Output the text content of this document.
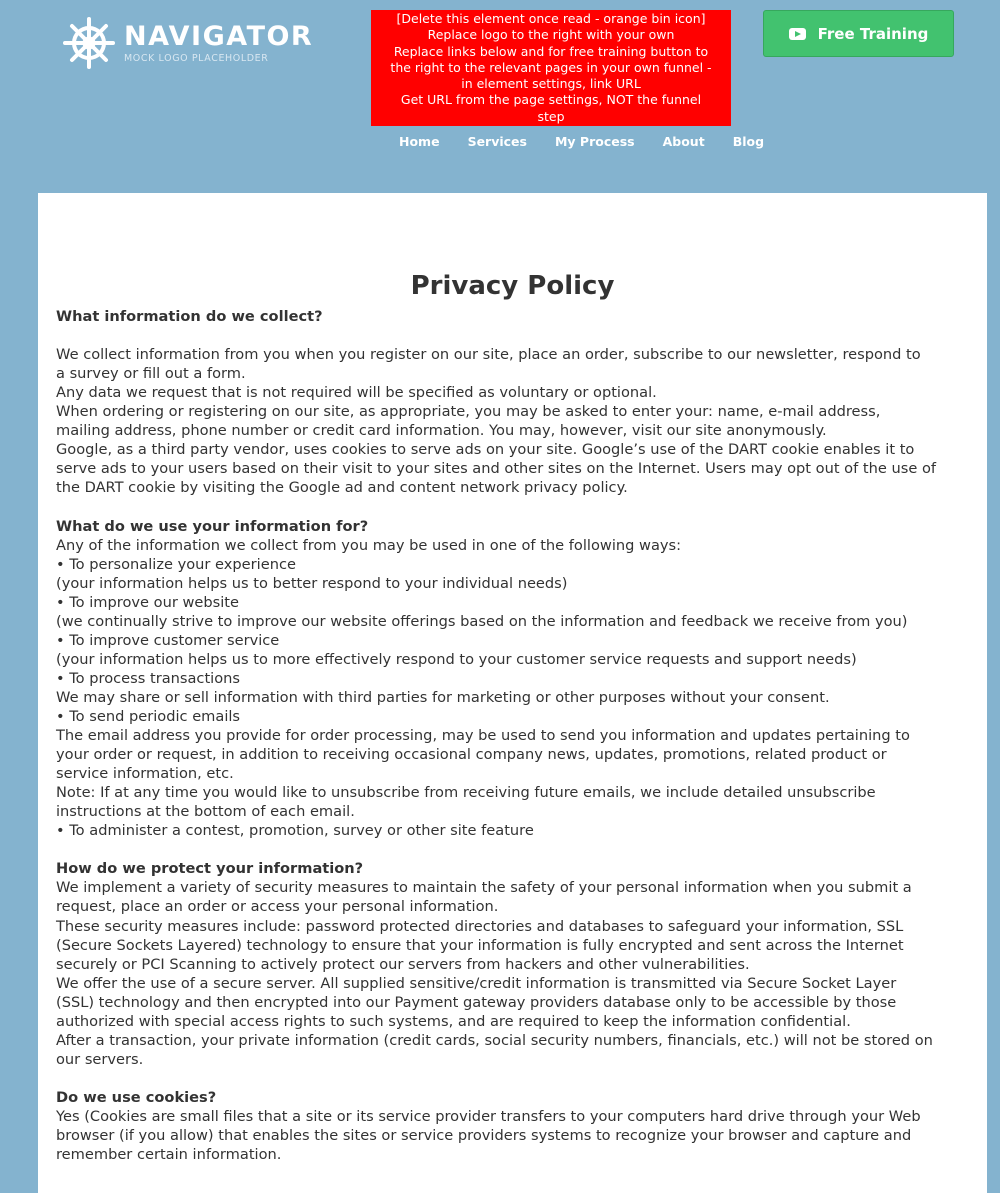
NAVIGATOR
MOCK LOGO PLACEHOLDER
[Delete this element once read - orange bin icon]
Replace logo to the right with your own
Replace links below and for free training button to
the right to the relevant pages in your own funnel -
in element settings, link URL
Get URL from the page settings, NOT the funnel
step
Free Training
Home Services My Process About Blog
Privacy Policy

What information do we collect?

We collect information from you when you register on our site, place an order, subscribe to our newsletter, respond to

a survey or fill out a form.

Any data we request that is not required will be specified as voluntary or optional.

When ordering or registering on our site, as appropriate, you may be asked to enter your: name, e-mail address,

mailing address, phone number or credit card information. You may, however, visit our site anonymously.

Google, as a third party vendor, uses cookies to serve ads on your site. Google’s use of the DART cookie enables it to

serve ads to your users based on their visit to your sites and other sites on the Internet. Users may opt out of the use of

the DART cookie by visiting the Google ad and content network privacy policy.

What do we use your information for?

Any of the information we collect from you may be used in one of the following ways:

• To personalize your experience

(your information helps us to better respond to your individual needs)

• To improve our website

(we continually strive to improve our website offerings based on the information and feedback we receive from you)

• To improve customer service

(your information helps us to more effectively respond to your customer service requests and support needs)

• To process transactions

We may share or sell information with third parties for marketing or other purposes without your consent.

• To send periodic emails

The email address you provide for order processing, may be used to send you information and updates pertaining to

your order or request, in addition to receiving occasional company news, updates, promotions, related product or

service information, etc.

Note: If at any time you would like to unsubscribe from receiving future emails, we include detailed unsubscribe

instructions at the bottom of each email.

• To administer a contest, promotion, survey or other site feature

How do we protect your information?

We implement a variety of security measures to maintain the safety of your personal information when you submit a

request, place an order or access your personal information.

These security measures include: password protected directories and databases to safeguard your information, SSL

(Secure Sockets Layered) technology to ensure that your information is fully encrypted and sent across the Internet

securely or PCI Scanning to actively protect our servers from hackers and other vulnerabilities.

We offer the use of a secure server. All supplied sensitive/credit information is transmitted via Secure Socket Layer

(SSL) technology and then encrypted into our Payment gateway providers database only to be accessible by those

authorized with special access rights to such systems, and are required to keep the information confidential.

After a transaction, your private information (credit cards, social security numbers, financials, etc.) will not be stored on

our servers.

Do we use cookies?

Yes (Cookies are small files that a site or its service provider transfers to your computers hard drive through your Web

browser (if you allow) that enables the sites or service providers systems to recognize your browser and capture and

remember certain information.
